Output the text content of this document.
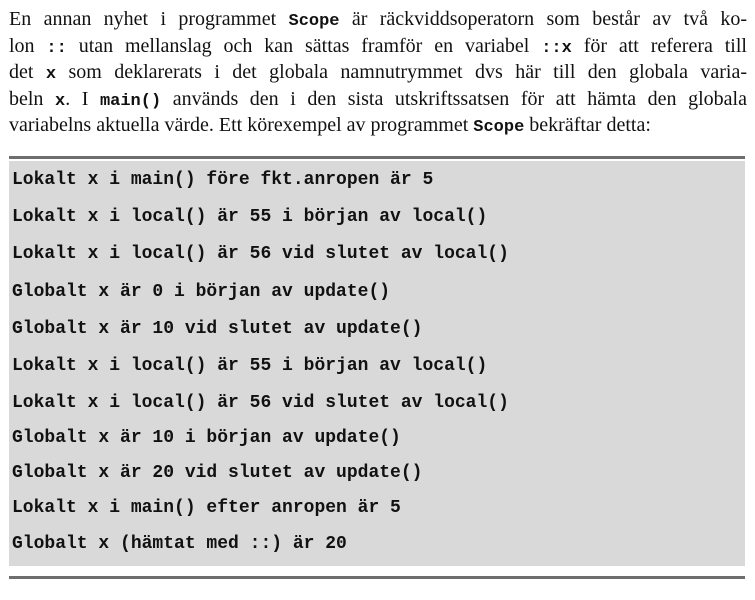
En annan nyhet i programmet Scope är räckviddsoperatorn som består av två ko-
lon :: utan mellanslag och kan sättas framför en variabel ::x för att referera till
det x som deklarerats i det globala namnutrymmet dvs här till den globala varia-
beln x. I main() används den i den sista utskriftssatsen för att hämta den globala
variabelns aktuella värde. Ett körexempel av programmet Scope bekräftar detta:
Lokalt x i main() före fkt.anropen är 5
Lokalt x i local() är 55 i början av local()
Lokalt x i local() är 56 vid slutet av local()
Globalt x är 0 i början av update()
Globalt x är 10 vid slutet av update()
Lokalt x i local() är 55 i början av local()
Lokalt x i local() är 56 vid slutet av local()
Globalt x är 10 i början av update()
Globalt x är 20 vid slutet av update()
Lokalt x i main() efter anropen är 5
Globalt x (hämtat med ::) är 20
